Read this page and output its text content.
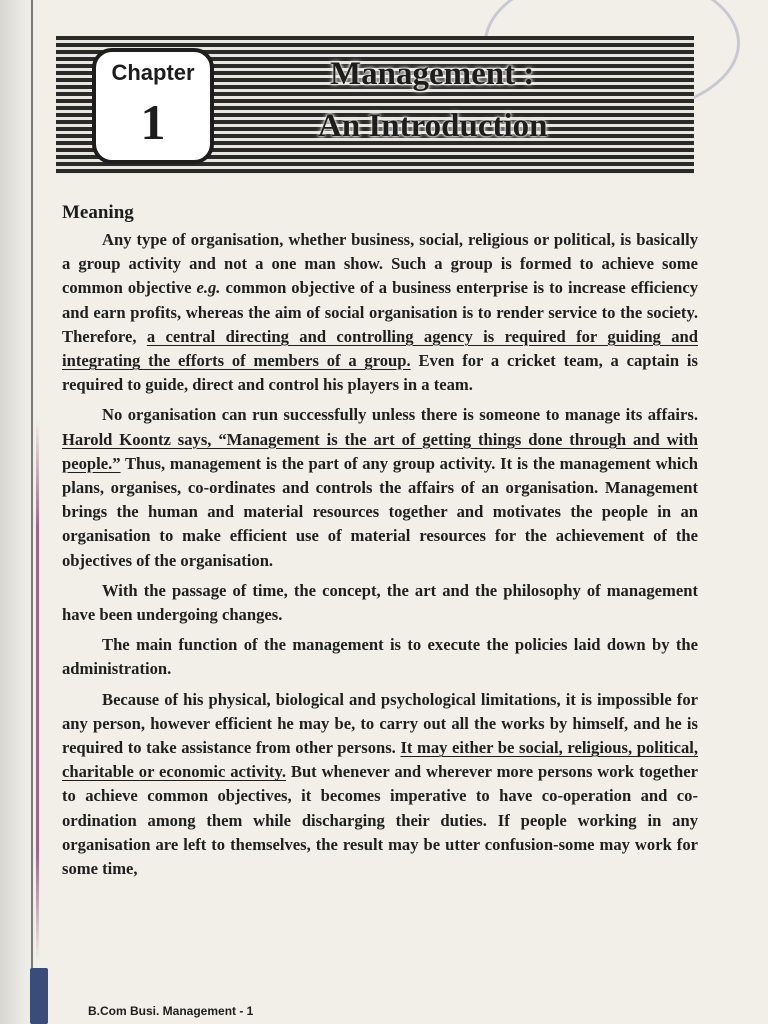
Chapter
1
Management :
An Introduction
Meaning

Any type of organisation, whether business, social, religious or political, is basically a group activity and not a one man show. Such a group is formed to achieve some common objective e.g. common objective of a business enterprise is to increase efficiency and earn profits, whereas the aim of social organisation is to render service to the society. Therefore, a central directing and controlling agency is required for guiding and integrating the efforts of members of a group. Even for a cricket team, a captain is required to guide, direct and control his players in a team.

No organisation can run successfully unless there is someone to manage its affairs. Harold Koontz says, “Management is the art of getting things done through and with people.” Thus, management is the part of any group activity. It is the management which plans, organises, co-ordinates and controls the affairs of an organisation. Management brings the human and material resources together and motivates the people in an organisation to make efficient use of material resources for the achievement of the objectives of the organisation.

With the passage of time, the concept, the art and the philosophy of management have been undergoing changes.

The main function of the management is to execute the policies laid down by the administration.

Because of his physical, biological and psychological limitations, it is impossible for any person, however efficient he may be, to carry out all the works by himself, and he is required to take assistance from other persons. It may either be social, religious, political, charitable or economic activity. But whenever and wherever more persons work together to achieve common objectives, it becomes imperative to have co-operation and co-ordination among them while discharging their duties. If people working in any organisation are left to themselves, the result may be utter confusion-some may work for some time,

B.Com Busi. Management - 1
